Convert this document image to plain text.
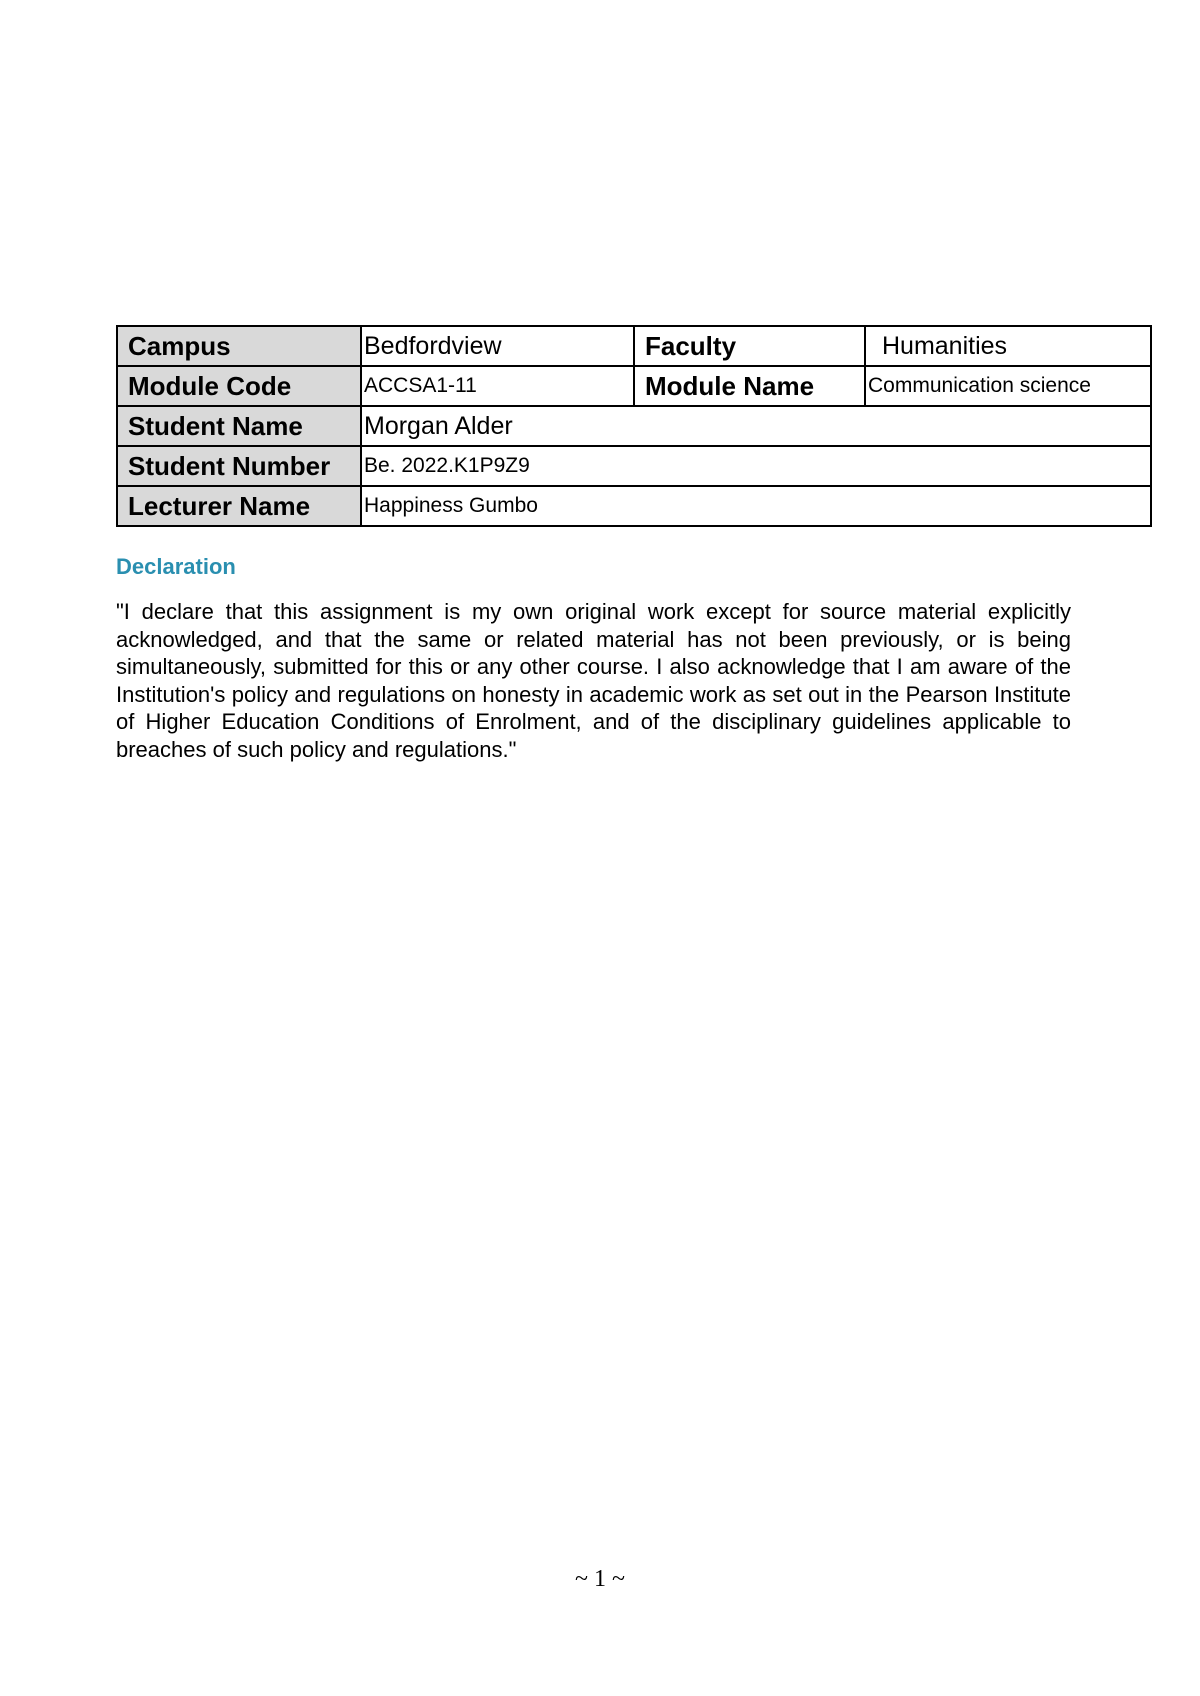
Campus	Bedfordview	Faculty	Humanities
Module Code	ACCSA1-11	Module Name	Communication science
Student Name	Morgan Alder		
Student Number	Be. 2022.K1P9Z9		
Lecturer Name	Happiness Gumbo		
Declaration

"I declare that this assignment is my own original work except for source material explicitly acknowledged, and that the same or related material has not been previously, or is being simultaneously, submitted for this or any other course. I also acknowledge that I am aware of the Institution's policy and regulations on honesty in academic work as set out in the Pearson Institute of Higher Education Conditions of Enrolment, and of the disciplinary guidelines applicable to breaches of such policy and regulations."

~ 1 ~
